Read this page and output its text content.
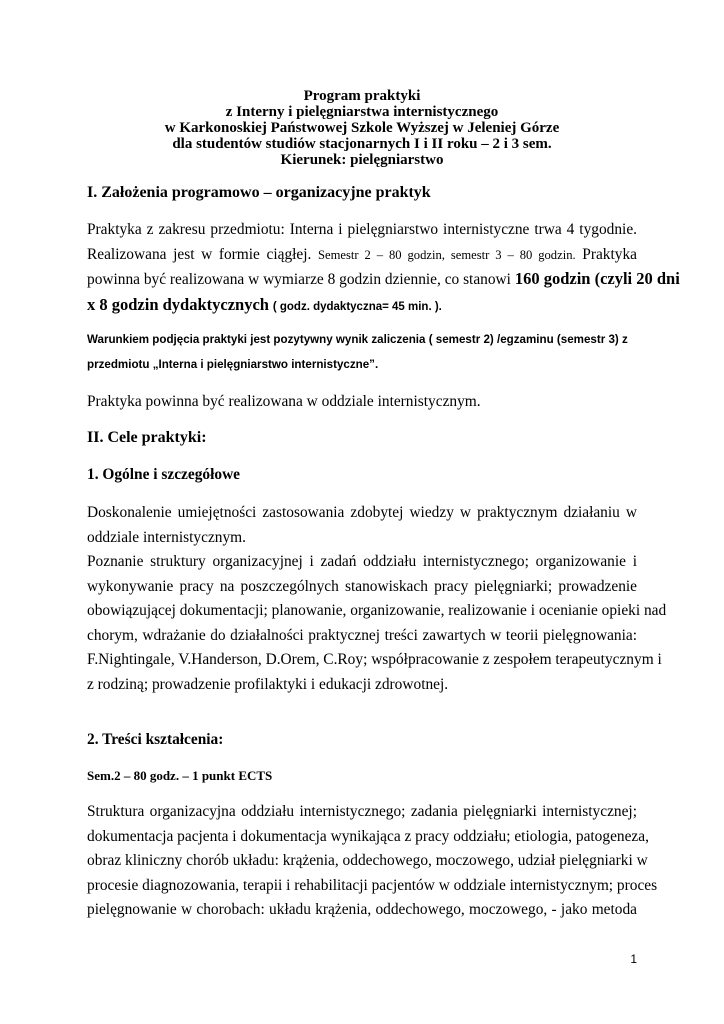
Program praktyki
z Interny i pielęgniarstwa internistycznego
w Karkonoskiej Państwowej Szkole Wyższej w Jeleniej Górze
dla studentów studiów stacjonarnych I i II roku – 2 i 3 sem.
Kierunek: pielęgniarstwo
I. Założenia programowo – organizacyjne praktyk
Praktyka z zakresu przedmiotu: Interna i pielęgniarstwo internistyczne trwa 4 tygodnie.
Realizowana jest w formie ciągłej. Semestr 2 – 80 godzin, semestr 3 – 80 godzin. Praktyka
powinna być realizowana w wymiarze 8 godzin dziennie, co stanowi 160 godzin (czyli 20 dni
x 8 godzin dydaktycznych ( godz. dydaktyczna= 45 min. ).
Warunkiem podjęcia praktyki jest pozytywny wynik zaliczenia ( semestr 2) /egzaminu (semestr 3) z
przedmiotu „Interna i pielęgniarstwo internistyczne”.
Praktyka powinna być realizowana w oddziale internistycznym.
II. Cele praktyki:
1. Ogólne i szczegółowe
Doskonalenie umiejętności zastosowania zdobytej wiedzy w praktycznym działaniu w
oddziale internistycznym.
Poznanie struktury organizacyjnej i zadań oddziału internistycznego; organizowanie i
wykonywanie pracy na poszczególnych stanowiskach pracy pielęgniarki; prowadzenie
obowiązującej dokumentacji; planowanie, organizowanie, realizowanie i ocenianie opieki nad
chorym, wdrażanie do działalności praktycznej treści zawartych w teorii pielęgnowania:
F.Nightingale, V.Handerson, D.Orem, C.Roy; współpracowanie z zespołem terapeutycznym i
z rodziną; prowadzenie profilaktyki i edukacji zdrowotnej.
2. Treści kształcenia:
Sem.2 – 80 godz. – 1 punkt ECTS
Struktura organizacyjna oddziału internistycznego; zadania pielęgniarki internistycznej;
dokumentacja pacjenta i dokumentacja wynikająca z pracy oddziału; etiologia, patogeneza,
obraz kliniczny chorób układu: krążenia, oddechowego, moczowego, udział pielęgniarki w
procesie diagnozowania, terapii i rehabilitacji pacjentów w oddziale internistycznym; proces
pielęgnowanie w chorobach: układu krążenia, oddechowego, moczowego, - jako metoda
1
